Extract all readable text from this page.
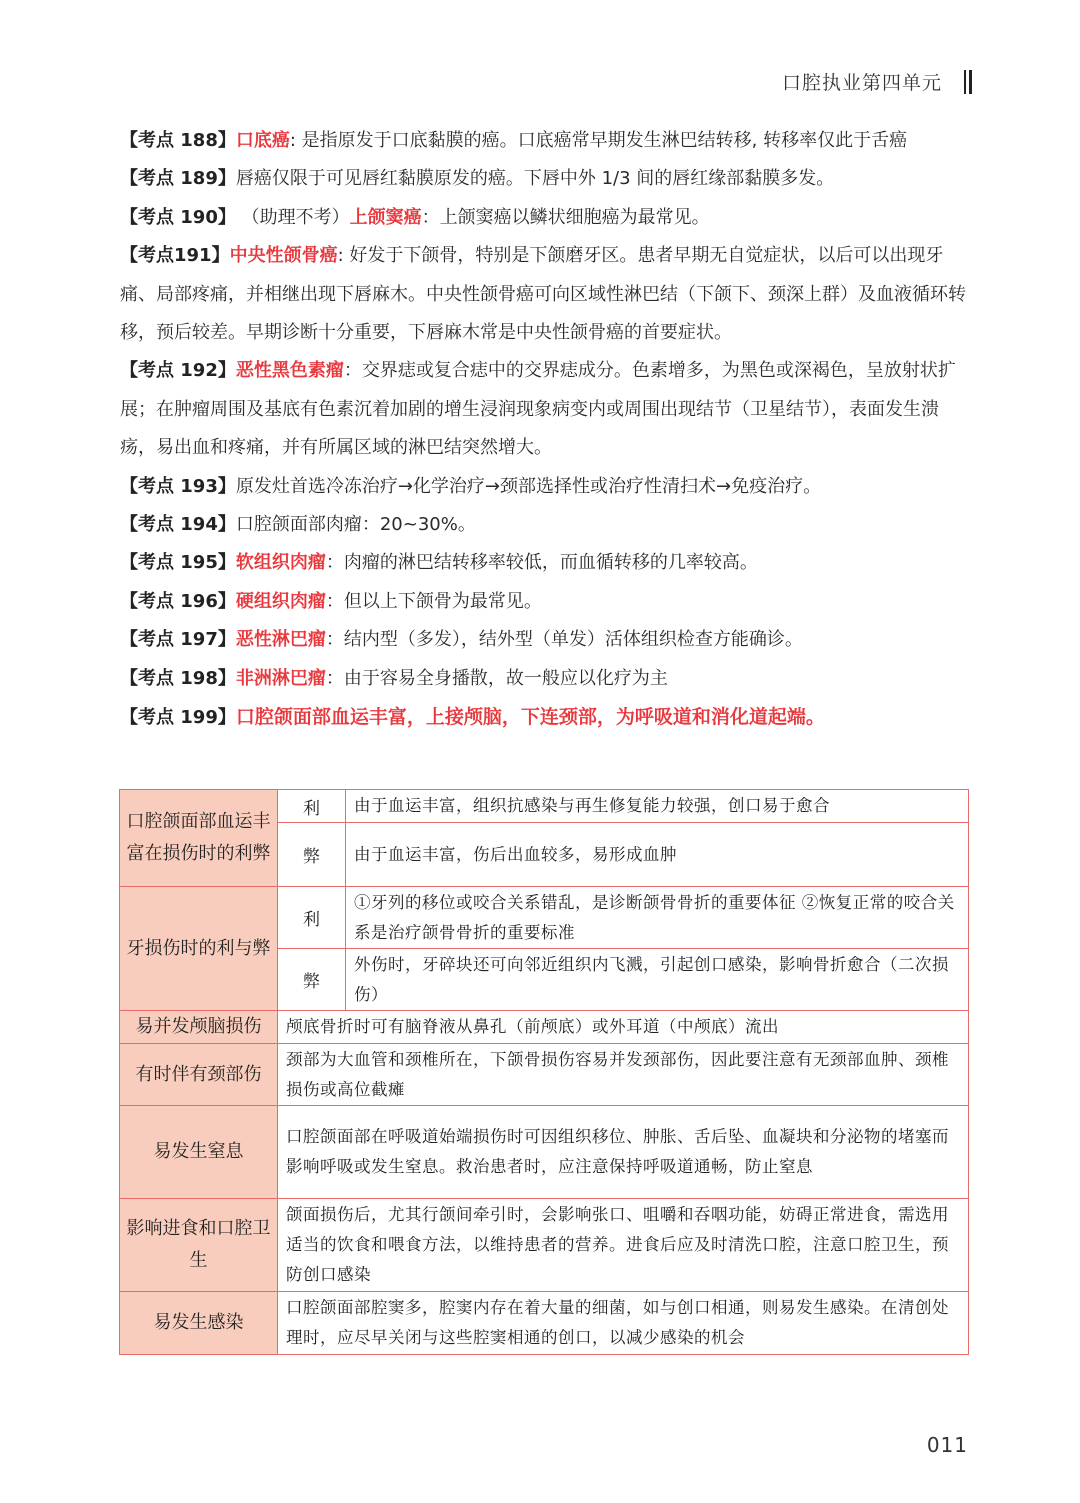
口腔执业第四单元

【考点 188】口底癌: 是指原发于口底黏膜的癌。口底癌常早期发生淋巴结转移, 转移率仅此于舌癌

【考点 189】唇癌仅限于可见唇红黏膜原发的癌。下唇中外 1/3 间的唇红缘部黏膜多发。

【考点 190】 （助理不考）上颌窦癌：上颌窦癌以鳞状细胞癌为最常见。

【考点191】中央性颌骨癌: 好发于下颌骨，特别是下颌磨牙区。患者早期无自觉症状，以后可以出现牙痛、局部疼痛，并相继出现下唇麻木。中央性颌骨癌可向区域性淋巴结（下颌下、颈深上群）及血液循环转移，预后较差。早期诊断十分重要，下唇麻木常是中央性颌骨癌的首要症状。

【考点 192】恶性黑色素瘤：交界痣或复合痣中的交界痣成分。色素增多，为黑色或深褐色，呈放射状扩展；在肿瘤周围及基底有色素沉着加剧的增生浸润现象病变内或周围出现结节（卫星结节），表面发生溃疡，易出血和疼痛，并有所属区域的淋巴结突然增大。

【考点 193】原发灶首选冷冻治疗→化学治疗→颈部选择性或治疗性清扫术→免疫治疗。

【考点 194】口腔颌面部肉瘤：20~30%。

【考点 195】软组织肉瘤：肉瘤的淋巴结转移率较低，而血循转移的几率较高。

【考点 196】硬组织肉瘤：但以上下颌骨为最常见。

【考点 197】恶性淋巴瘤：结内型（多发），结外型（单发）活体组织检查方能确诊。

【考点 198】非洲淋巴瘤：由于容易全身播散，故一般应以化疗为主

【考点 199】口腔颌面部血运丰富，上接颅脑，下连颈部，为呼吸道和消化道起端。

口腔颌面部血运丰富在损伤时的利弊	利	由于血运丰富，组织抗感染与再生修复能力较强，创口易于愈合
	弊	由于血运丰富，伤后出血较多，易形成血肿
牙损伤时的利与弊	利	①牙列的移位或咬合关系错乱，是诊断颌骨骨折的重要体征 ②恢复正常的咬合关系是治疗颌骨骨折的重要标准
	弊	外伤时，牙碎块还可向邻近组织内飞溅，引起创口感染，影响骨折愈合（二次损伤）
易并发颅脑损伤	颅底骨折时可有脑脊液从鼻孔（前颅底）或外耳道（中颅底）流出	
有时伴有颈部伤	颈部为大血管和颈椎所在，下颌骨损伤容易并发颈部伤，因此要注意有无颈部血肿、颈椎损伤或高位截瘫	
易发生窒息	口腔颌面部在呼吸道始端损伤时可因组织移位、肿胀、舌后坠、血凝块和分泌物的堵塞而影响呼吸或发生窒息。救治患者时，应注意保持呼吸道通畅，防止窒息	
影响进食和口腔卫生	颌面损伤后，尤其行颌间牵引时，会影响张口、咀嚼和吞咽功能，妨碍正常进食，需选用适当的饮食和喂食方法，以维持患者的营养。进食后应及时清洗口腔，注意口腔卫生，预防创口感染	
易发生感染	口腔颌面部腔窦多，腔窦内存在着大量的细菌，如与创口相通，则易发生感染。在清创处理时，应尽早关闭与这些腔窦相通的创口，以减少感染的机会	
011
